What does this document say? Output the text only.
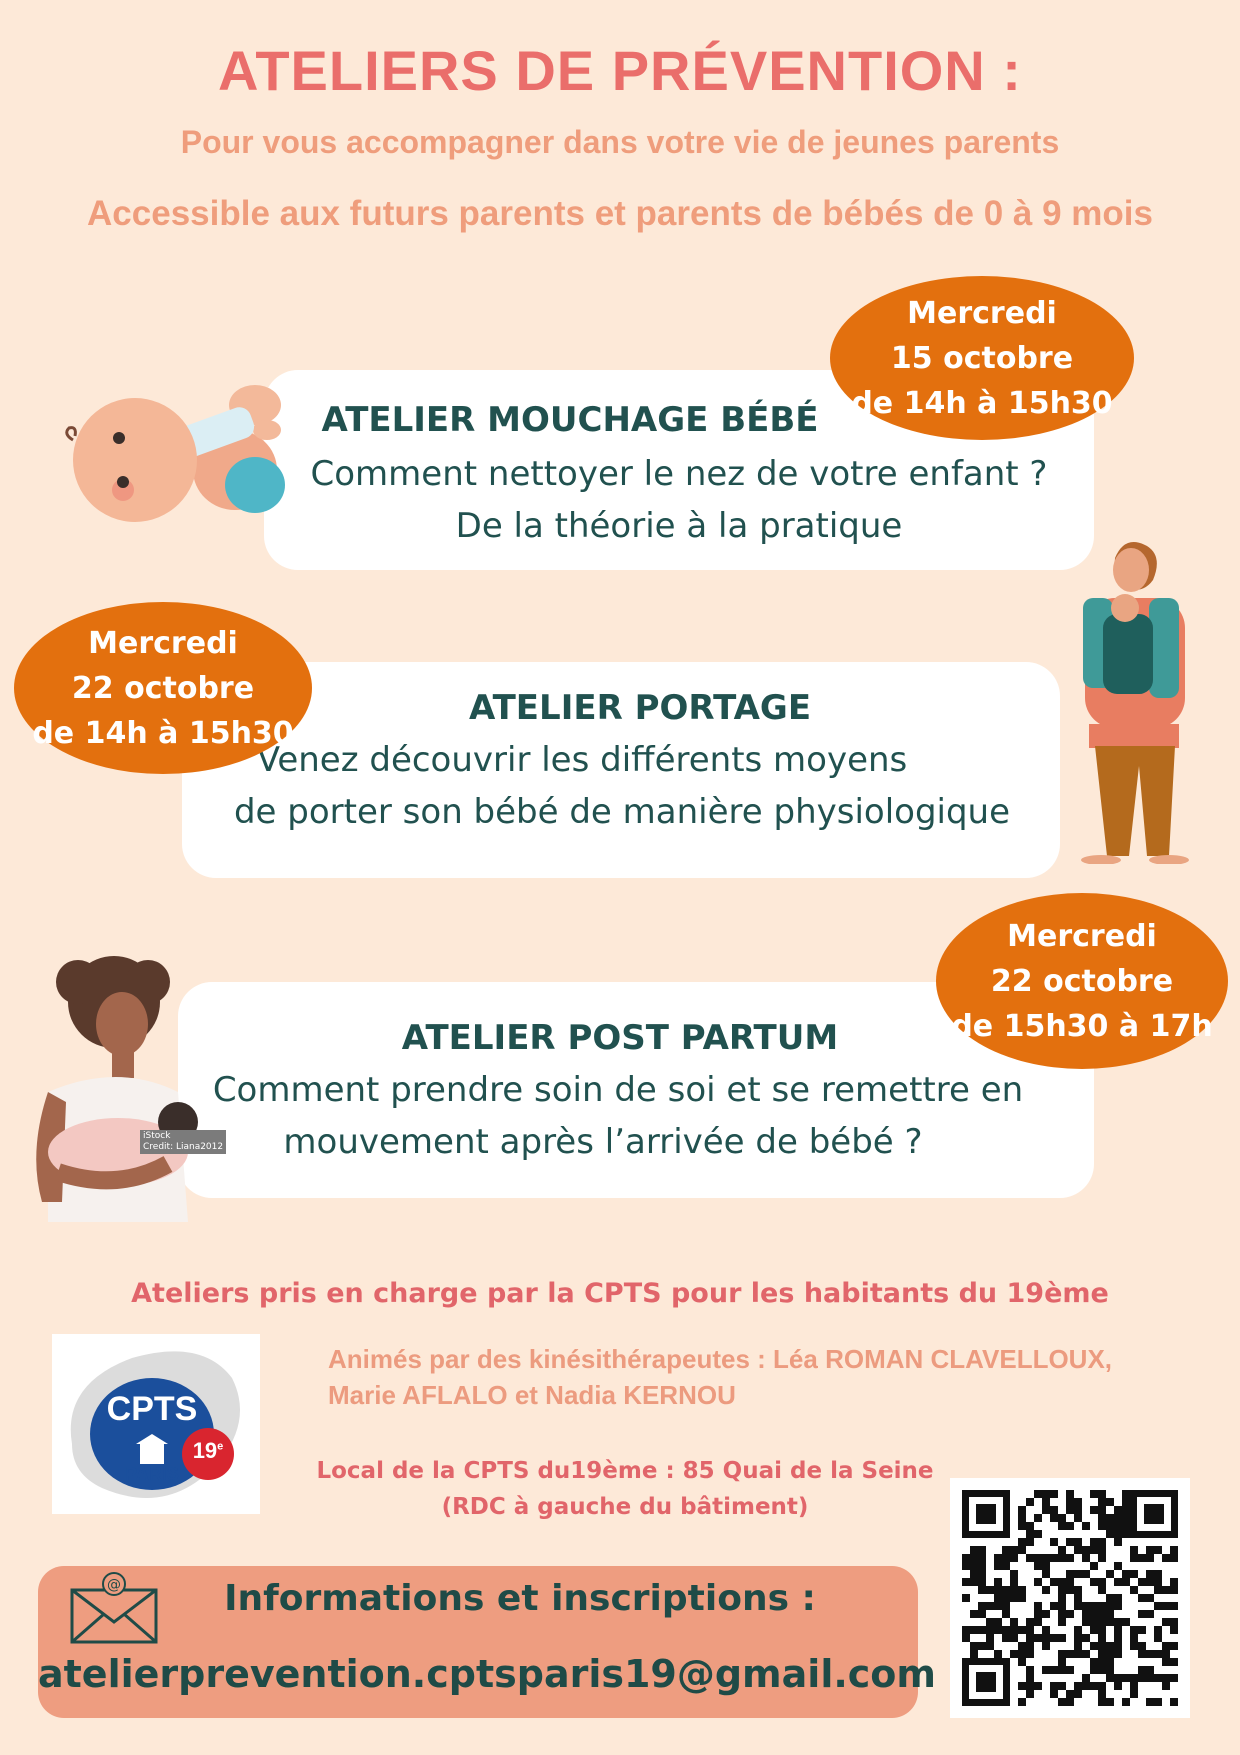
ATELIERS DE PRÉVENTION :
Pour vous accompagner dans votre vie de jeunes parents
Accessible aux futurs parents et parents de bébés de 0 à 9 mois
ATELIER MOUCHAGE BÉBÉ
Comment nettoyer le nez de votre enfant ?
De la théorie à la pratique
Mercredi
15 octobre
de 14h à 15h30
ATELIER PORTAGE
Venez découvrir les différents moyens
de porter son bébé de manière physiologique
Mercredi
22 octobre
de 14h à 15h30
ATELIER POST PARTUM
Comment prendre soin de soi et se remettre en
mouvement après l’arrivée de bébé ?
Mercredi
22 octobre
de 15h30 à 17h
iStock
Credit: Liana2012
Ateliers pris en charge par la CPTS pour les habitants du 19ème
CPTS
19e
PARIS
Animés par des kinésithérapeutes : Léa ROMAN CLAVELLOUX,
Marie AFLALO et Nadia KERNOU
Local de la CPTS du19ème : 85 Quai de la Seine
(RDC à gauche du bâtiment)
@	Informations et inscriptions :
atelierprevention.cptsparis19@gmail.com
